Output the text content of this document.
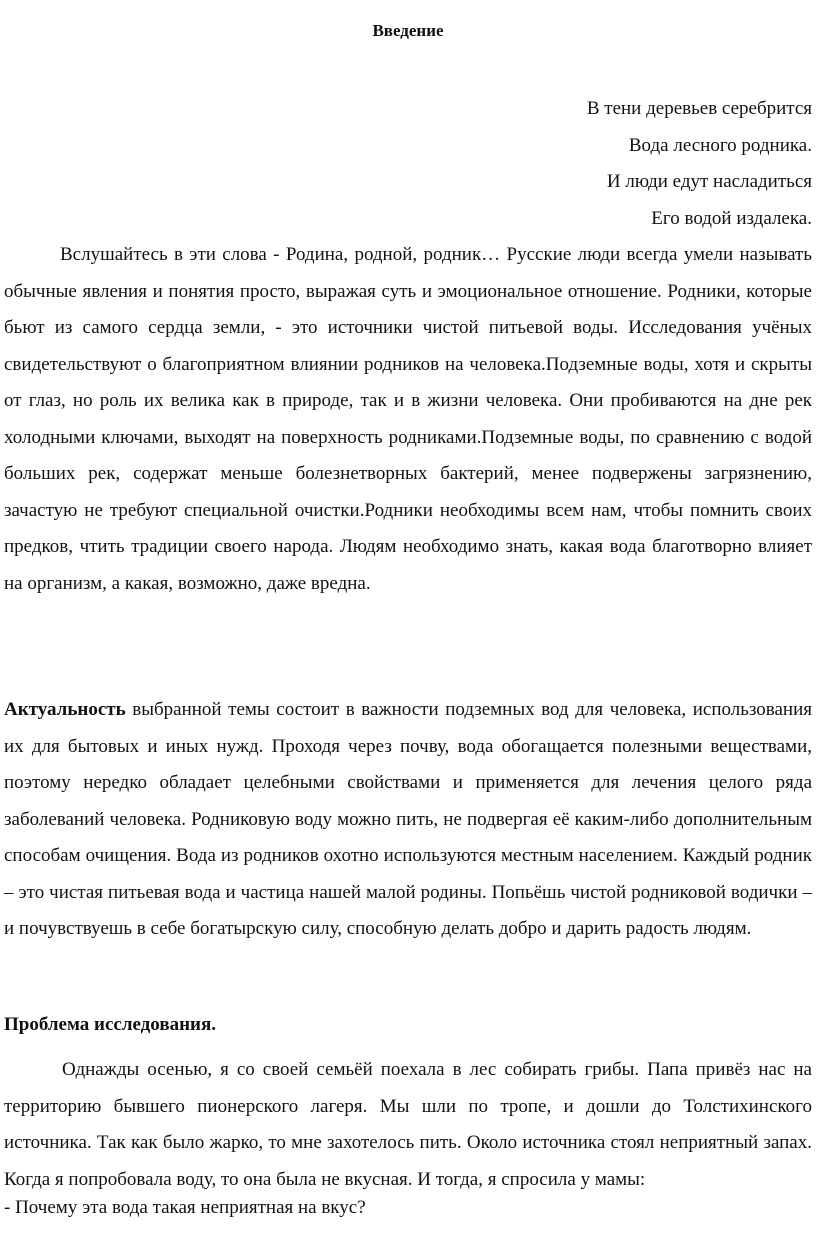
Введение
В тени деревьев серебрится
Вода лесного родника.
И люди едут насладиться
Его водой издалека.
Вслушайтесь в эти слова - Родина, родной, родник… Русские люди всегда умели называть обычные явления и понятия просто, выражая суть и эмоциональное отношение. Родники, которые бьют из самого сердца земли, - это источники чистой питьевой воды. Исследования учёных свидетельствуют о благоприятном влиянии родников на человека.Подземные воды, хотя и скрыты от глаз, но роль их велика как в природе, так и в жизни человека. Они пробиваются на дне рек холодными ключами, выходят на поверхность родниками.Подземные воды, по сравнению с водой больших рек, содержат меньше болезнетворных бактерий, менее подвержены загрязнению, зачастую не требуют специальной очистки.Родники необходимы всем нам, чтобы помнить своих предков, чтить традиции своего народа. Людям необходимо знать, какая вода благотворно влияет на организм, а какая, возможно, даже вредна.
Актуальность выбранной темы состоит в важности подземных вод для человека, использования их для бытовых и иных нужд. Проходя через почву, вода обогащается полезными веществами, поэтому нередко обладает целебными свойствами и применяется для лечения целого ряда заболеваний человека. Родниковую воду можно пить, не подвергая её каким-либо дополнительным способам очищения. Вода из родников охотно используются местным населением. Каждый родник – это чистая питьевая вода и частица нашей малой родины. Попьёшь чистой родниковой водички – и почувствуешь в себе богатырскую силу, способную делать добро и дарить радость людям.
Проблема исследования.
Однажды осенью, я со своей семьёй поехала в лес собирать грибы. Папа привёз нас на территорию бывшего пионерского лагеря. Мы шли по тропе, и дошли до Толстихинского источника. Так как было жарко, то мне захотелось пить. Около источника стоял неприятный запах. Когда я попробовала воду, то она была не вкусная. И тогда, я спросила у мамы:
- Почему эта вода такая неприятная на вкус?
